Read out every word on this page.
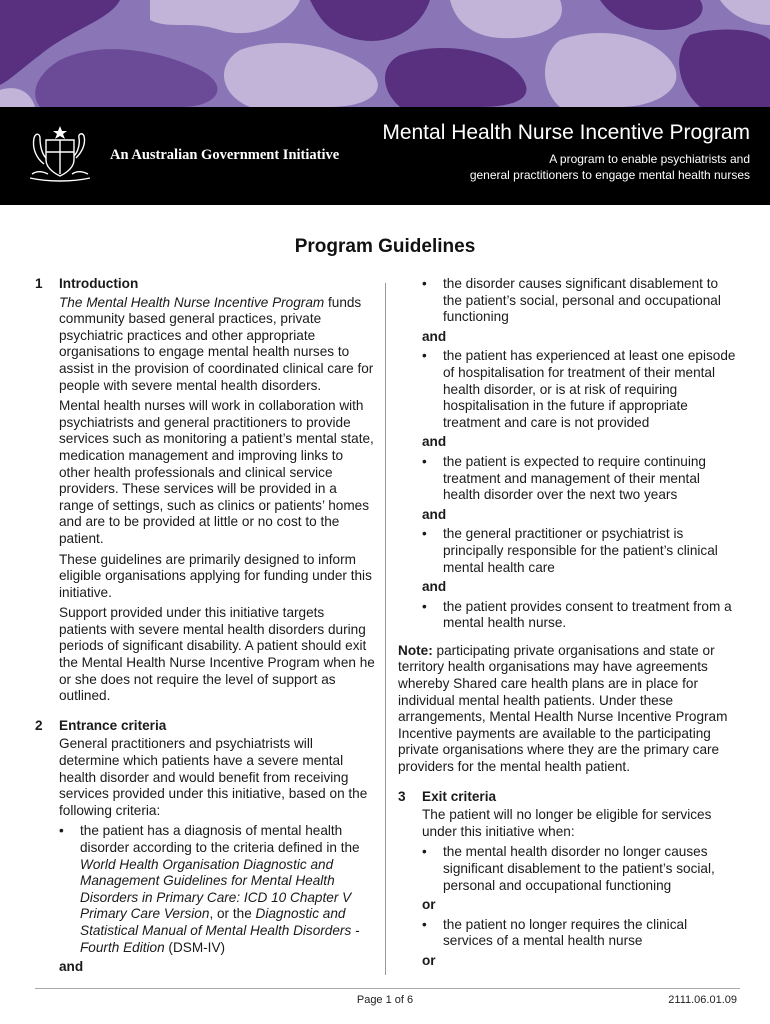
An Australian Government Initiative
Mental Health Nurse Incentive Program
A program to enable psychiatrists and
general practitioners to engage mental health nurses
Program Guidelines
1 Introduction

The Mental Health Nurse Incentive Program funds community based general practices, private psychiatric practices and other appropriate organisations to engage mental health nurses to assist in the provision of coordinated clinical care for people with severe mental health disorders.

Mental health nurses will work in collaboration with psychiatrists and general practitioners to provide services such as monitoring a patient’s mental state, medication management and improving links to other health professionals and clinical service providers. These services will be provided in a range of settings, such as clinics or patients’ homes and are to be provided at little or no cost to the patient.

These guidelines are primarily designed to inform eligible organisations applying for funding under this initiative.

Support provided under this initiative targets patients with severe mental health disorders during periods of significant disability. A patient should exit the Mental Health Nurse Incentive Program when he or she does not require the level of support as outlined.

2 Entrance criteria

General practitioners and psychiatrists will determine which patients have a severe mental health disorder and would benefit from receiving services provided under this initiative, based on the following criteria:

• the patient has a diagnosis of mental health disorder according to the criteria defined in the World Health Organisation Diagnostic and Management Guidelines for Mental Health Disorders in Primary Care: ICD 10 Chapter V Primary Care Version, or the Diagnostic and Statistical Manual of Mental Health Disorders - Fourth Edition (DSM-IV)
and
• the disorder causes significant disablement to the patient’s social, personal and occupational functioning
and
• the patient has experienced at least one episode of hospitalisation for treatment of their mental health disorder, or is at risk of requiring hospitalisation in the future if appropriate treatment and care is not provided
and
• the patient is expected to require continuing treatment and management of their mental health disorder over the next two years
and
• the general practitioner or psychiatrist is principally responsible for the patient’s clinical mental health care
and
• the patient provides consent to treatment from a mental health nurse.

Note: participating private organisations and state or territory health organisations may have agreements whereby Shared care health plans are in place for individual mental health patients. Under these arrangements, Mental Health Nurse Incentive Program Incentive payments are available to the participating private organisations where they are the primary care providers for the mental health patient.

3 Exit criteria

The patient will no longer be eligible for services under this initiative when:

• the mental health disorder no longer causes significant disablement to the patient’s social, personal and occupational functioning
or
• the patient no longer requires the clinical services of a mental health nurse
or
Page 1 of 6	2111.06.01.09
